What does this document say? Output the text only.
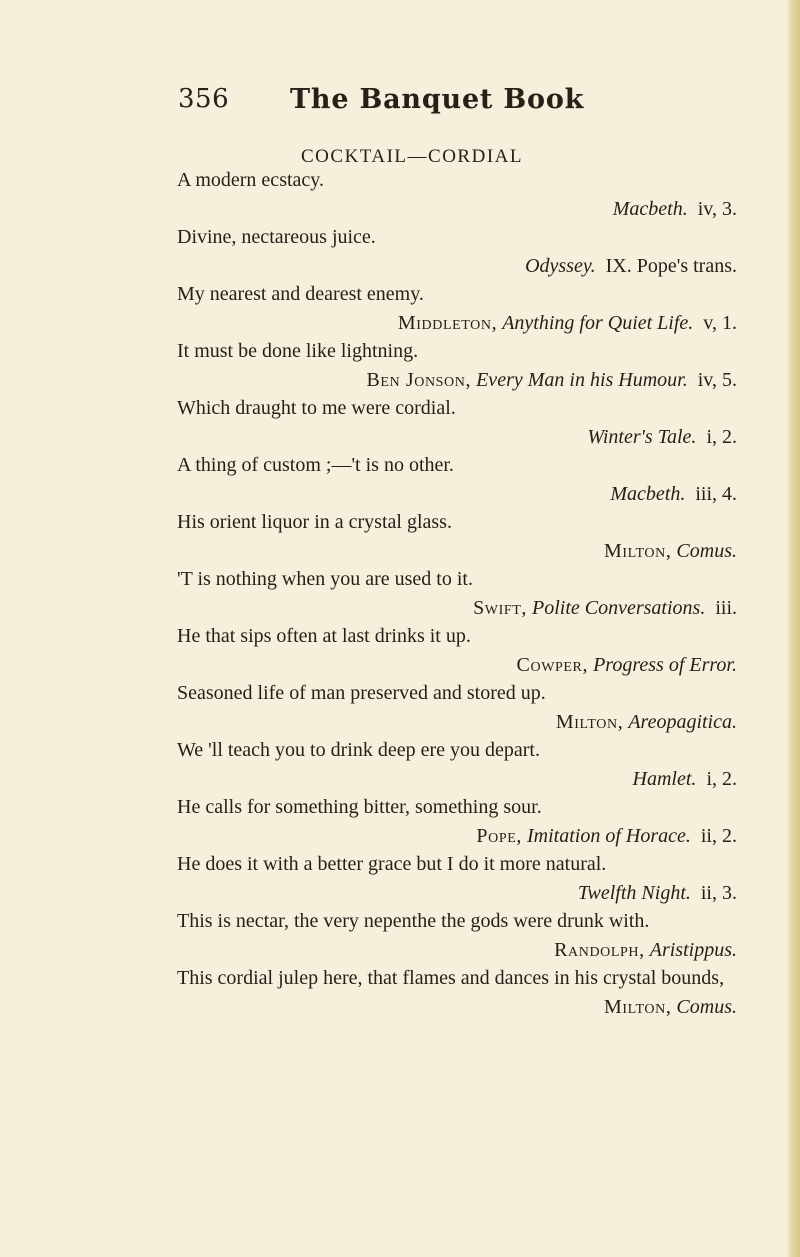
356 The Banquet Book
COCKTAIL—CORDIAL
A modern ecstacy.
Macbeth. iv, 3.
Divine, nectareous juice.
Odyssey. IX. Pope's trans.
My nearest and dearest enemy.
Middleton, Anything for Quiet Life. v, 1.
It must be done like lightning.
Ben Jonson, Every Man in his Humour. iv, 5.
Which draught to me were cordial.
Winter's Tale. i, 2.
A thing of custom ;—'t is no other.
Macbeth. iii, 4.
His orient liquor in a crystal glass.
Milton, Comus.
'T is nothing when you are used to it.
Swift, Polite Conversations. iii.
He that sips often at last drinks it up.
Cowper, Progress of Error.
Seasoned life of man preserved and stored up.
Milton, Areopagitica.
We 'll teach you to drink deep ere you depart.
Hamlet. i, 2.
He calls for something bitter, something sour.
Pope, Imitation of Horace. ii, 2.
He does it with a better grace but I do it more natural.
Twelfth Night. ii, 3.
This is nectar, the very nepenthe the gods were drunk with.
Randolph, Aristippus.
This cordial julep here, that flames and dances in his crystal bounds,
Milton, Comus.
